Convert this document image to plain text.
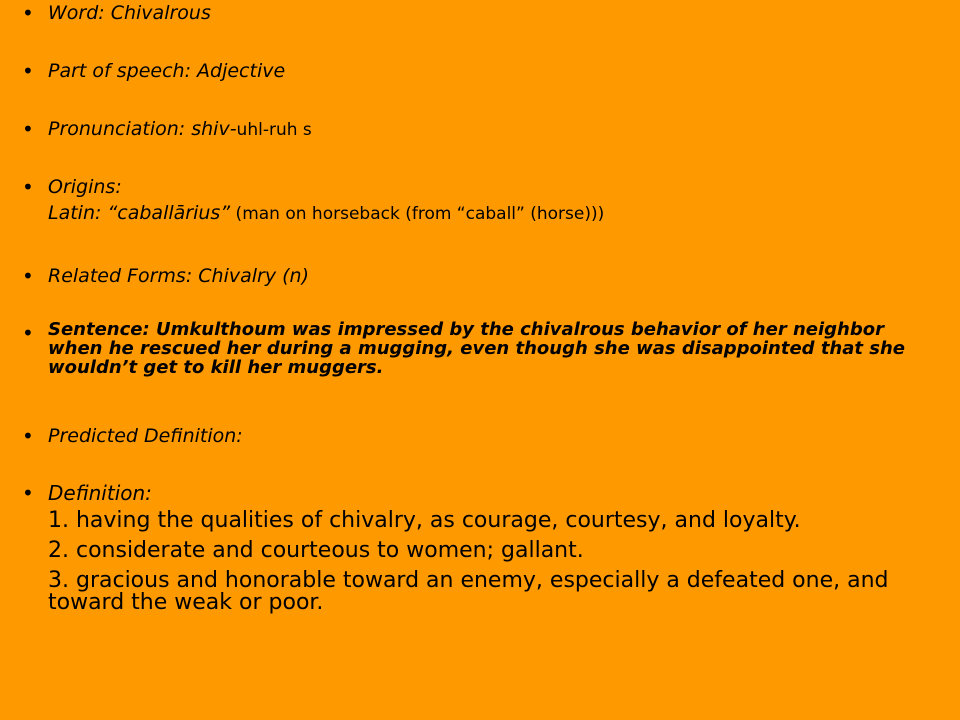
• Word: Chivalrous
• Part of speech: Adjective
• Pronunciation: shiv-uhl-ruh s
• Origins:
Latin: “caballārius” (man on horseback (from “caball” (horse)))
• Related Forms: Chivalry (n)
• Sentence: Umkulthoum was impressed by the chivalrous behavior of her neighbor when he rescued her during a mugging, even though she was disappointed that she wouldn’t get to kill her muggers.
• Predicted Definition:
• Definition:
1. having the qualities of chivalry, as courage, courtesy, and loyalty.
2. considerate and courteous to women; gallant.
3. gracious and honorable toward an enemy, especially a defeated one, and toward the weak or poor.
